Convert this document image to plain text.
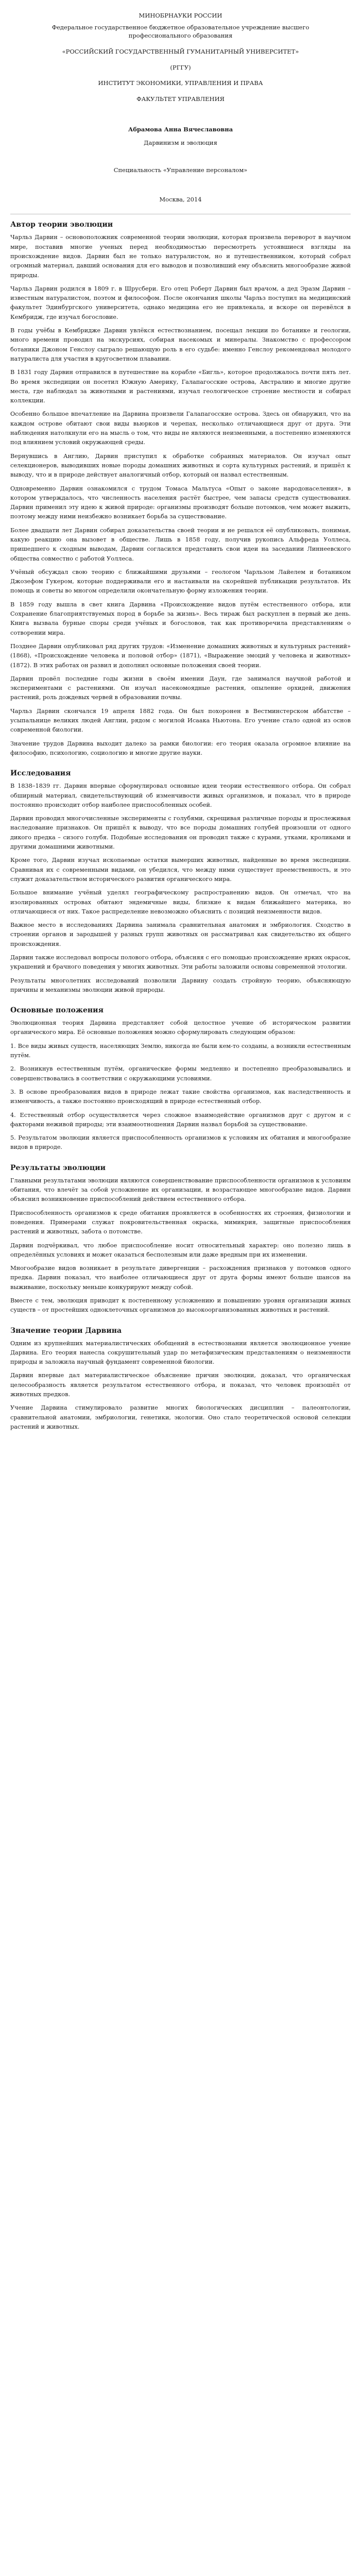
МИНОБРНАУКИ РОССИИ
Федеральное государственное бюджетное образовательное учреждение высшего профессионального образования
«РОССИЙСКИЙ ГОСУДАРСТВЕННЫЙ ГУМАНИТАРНЫЙ УНИВЕРСИТЕТ»
(РГГУ)
ИНСТИТУТ ЭКОНОМИКИ, УПРАВЛЕНИЯ И ПРАВА
ФАКУЛЬТЕТ УПРАВЛЕНИЯ
Абрамова Анна Вячеславовна
Дарвинизм и эволюция
Специальность «Управление персоналом»
Москва, 2014
Автор теории эволюции

Чарльз Дарвин – основоположник современной теории эволюции, которая произвела переворот в научном мире, поставив многие ученых перед необходимостью пересмотреть устоявшиеся взгляды на происхождение видов. Дарвин был не только натуралистом, но и путешественником, который собрал огромный материал, давший основания для его выводов и позволивший ему объяснить многообразие живой природы.

Чарльз Дарвин родился в 1809 г. в Шрусбери. Его отец Роберт Дарвин был врачом, а дед Эразм Дарвин – известным натуралистом, поэтом и философом. После окончания школы Чарльз поступил на медицинский факультет Эдинбургского университета, однако медицина его не привлекала, и вскоре он перевёлся в Кембридж, где изучал богословие.

В годы учёбы в Кембридже Дарвин увлёкся естествознанием, посещал лекции по ботанике и геологии, много времени проводил на экскурсиях, собирая насекомых и минералы. Знакомство с профессором ботаники Джоном Генслоу сыграло решающую роль в его судьбе: именно Генслоу рекомендовал молодого натуралиста для участия в кругосветном плавании.

В 1831 году Дарвин отправился в путешествие на корабле «Бигль», которое продолжалось почти пять лет. Во время экспедиции он посетил Южную Америку, Галапагосские острова, Австралию и многие другие места, где наблюдал за животными и растениями, изучал геологическое строение местности и собирал коллекции.

Особенно большое впечатление на Дарвина произвели Галапагосские острова. Здесь он обнаружил, что на каждом острове обитают свои виды вьюрков и черепах, несколько отличающиеся друг от друга. Эти наблюдения натолкнули его на мысль о том, что виды не являются неизменными, а постепенно изменяются под влиянием условий окружающей среды.

Вернувшись в Англию, Дарвин приступил к обработке собранных материалов. Он изучал опыт селекционеров, выводивших новые породы домашних животных и сорта культурных растений, и пришёл к выводу, что и в природе действует аналогичный отбор, который он назвал естественным.

Одновременно Дарвин ознакомился с трудом Томаса Мальтуса «Опыт о законе народонаселения», в котором утверждалось, что численность населения растёт быстрее, чем запасы средств существования. Дарвин применил эту идею к живой природе: организмы производят больше потомков, чем может выжить, поэтому между ними неизбежно возникает борьба за существование.

Более двадцати лет Дарвин собирал доказательства своей теории и не решался её опубликовать, понимая, какую реакцию она вызовет в обществе. Лишь в 1858 году, получив рукопись Альфреда Уоллеса, пришедшего к сходным выводам, Дарвин согласился представить свои идеи на заседании Линнеевского общества совместно с работой Уоллеса.

Учёный обсуждал свою теорию с ближайшими друзьями – геологом Чарльзом Лайелем и ботаником Джозефом Гукером, которые поддерживали его и настаивали на скорейшей публикации результатов. Их помощь и советы во многом определили окончательную форму изложения теории.

В 1859 году вышла в свет книга Дарвина «Происхождение видов путём естественного отбора, или Сохранение благоприятствуемых пород в борьбе за жизнь». Весь тираж был раскуплен в первый же день. Книга вызвала бурные споры среди учёных и богословов, так как противоречила представлениям о сотворении мира.

Позднее Дарвин опубликовал ряд других трудов: «Изменение домашних животных и культурных растений» (1868), «Происхождение человека и половой отбор» (1871), «Выражение эмоций у человека и животных» (1872). В этих работах он развил и дополнил основные положения своей теории.

Дарвин провёл последние годы жизни в своём имении Даун, где занимался научной работой и экспериментами с растениями. Он изучал насекомоядные растения, опыление орхидей, движения растений, роль дождевых червей в образовании почвы.

Чарльз Дарвин скончался 19 апреля 1882 года. Он был похоронен в Вестминстерском аббатстве – усыпальнице великих людей Англии, рядом с могилой Исаака Ньютона. Его учение стало одной из основ современной биологии.

Значение трудов Дарвина выходит далеко за рамки биологии: его теория оказала огромное влияние на философию, психологию, социологию и многие другие науки.

Исследования

В 1838–1839 гг. Дарвин впервые сформулировал основные идеи теории естественного отбора. Он собрал обширный материал, свидетельствующий об изменчивости живых организмов, и показал, что в природе постоянно происходит отбор наиболее приспособленных особей.

Дарвин проводил многочисленные эксперименты с голубями, скрещивая различные породы и прослеживая наследование признаков. Он пришёл к выводу, что все породы домашних голубей произошли от одного дикого предка – сизого голубя. Подобные исследования он проводил также с курами, утками, кроликами и другими домашними животными.

Кроме того, Дарвин изучал ископаемые остатки вымерших животных, найденные во время экспедиции. Сравнивая их с современными видами, он убедился, что между ними существует преемственность, и это служит доказательством исторического развития органического мира.

Большое внимание учёный уделял географическому распространению видов. Он отмечал, что на изолированных островах обитают эндемичные виды, близкие к видам ближайшего материка, но отличающиеся от них. Такое распределение невозможно объяснить с позиций неизменности видов.

Важное место в исследованиях Дарвина занимала сравнительная анатомия и эмбриология. Сходство в строении органов и зародышей у разных групп животных он рассматривал как свидетельство их общего происхождения.

Дарвин также исследовал вопросы полового отбора, объясняя с его помощью происхождение ярких окрасок, украшений и брачного поведения у многих животных. Эти работы заложили основы современной этологии.

Результаты многолетних исследований позволили Дарвину создать стройную теорию, объясняющую причины и механизмы эволюции живой природы.

Основные положения

Эволюционная теория Дарвина представляет собой целостное учение об историческом развитии органического мира. Её основные положения можно сформулировать следующим образом:

1. Все виды живых существ, населяющих Землю, никогда не были кем-то созданы, а возникли естественным путём.

2. Возникнув естественным путём, органические формы медленно и постепенно преобразовывались и совершенствовались в соответствии с окружающими условиями.

3. В основе преобразования видов в природе лежат такие свойства организмов, как наследственность и изменчивость, а также постоянно происходящий в природе естественный отбор.

4. Естественный отбор осуществляется через сложное взаимодействие организмов друг с другом и с факторами неживой природы; эти взаимоотношения Дарвин назвал борьбой за существование.

5. Результатом эволюции является приспособленность организмов к условиям их обитания и многообразие видов в природе.

Результаты эволюции

Главными результатами эволюции являются совершенствование приспособленности организмов к условиям обитания, что влечёт за собой усложнение их организации, и возрастающее многообразие видов. Дарвин объяснил возникновение приспособлений действием естественного отбора.

Приспособленность организмов к среде обитания проявляется в особенностях их строения, физиологии и поведения. Примерами служат покровительственная окраска, мимикрия, защитные приспособления растений и животных, забота о потомстве.

Дарвин подчёркивал, что любое приспособление носит относительный характер: оно полезно лишь в определённых условиях и может оказаться бесполезным или даже вредным при их изменении.

Многообразие видов возникает в результате дивергенции – расхождения признаков у потомков одного предка. Дарвин показал, что наиболее отличающиеся друг от друга формы имеют больше шансов на выживание, поскольку меньше конкурируют между собой.

Вместе с тем, эволюция приводит к постепенному усложнению и повышению уровня организации живых существ – от простейших одноклеточных организмов до высокоорганизованных животных и растений.

Значение теории Дарвина

Одним из крупнейших материалистических обобщений в естествознании является эволюционное учение Дарвина. Его теория нанесла сокрушительный удар по метафизическим представлениям о неизменности природы и заложила научный фундамент современной биологии.

Дарвин впервые дал материалистическое объяснение причин эволюции, доказал, что органическая целесообразность является результатом естественного отбора, и показал, что человек произошёл от животных предков.

Учение Дарвина стимулировало развитие многих биологических дисциплин – палеонтологии, сравнительной анатомии, эмбриологии, генетики, экологии. Оно стало теоретической основой селекции растений и животных.
